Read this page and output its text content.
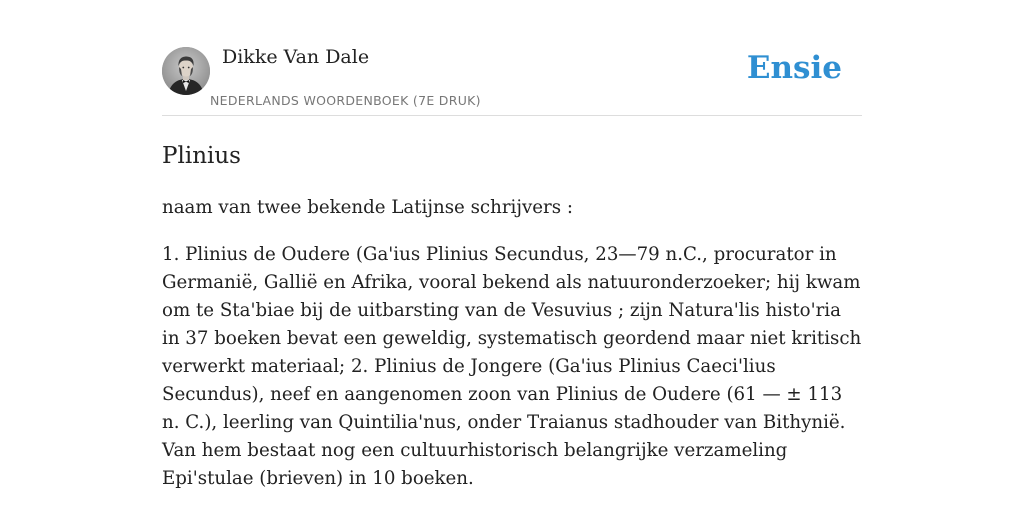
Dikke Van Dale
NEDERLANDS WOORDENBOEK (7E DRUK)
Ensie
Plinius

naam van twee bekende Latijnse schrijvers :

1. Plinius de Oudere (Ga'ius Plinius Secundus, 23—79 n.C., procurator in Germanië, Gallië en Afrika, vooral bekend als natuuronderzoeker; hij kwam om te Sta'biae bij de uitbarsting van de Vesuvius ; zijn Natura'lis histo'ria in 37 boeken bevat een geweldig, systematisch geordend maar niet kritisch verwerkt materiaal; 2. Plinius de Jongere (Ga'ius Plinius Caeci'lius Secundus), neef en aangenomen zoon van Plinius de Oudere (61 — ± 113 n. C.), leerling van Quintilia'nus, onder Traianus stadhouder van Bithynië. Van hem bestaat nog een cultuurhistorisch belangrijke verzameling Epi'stulae (brieven) in 10 boeken.
